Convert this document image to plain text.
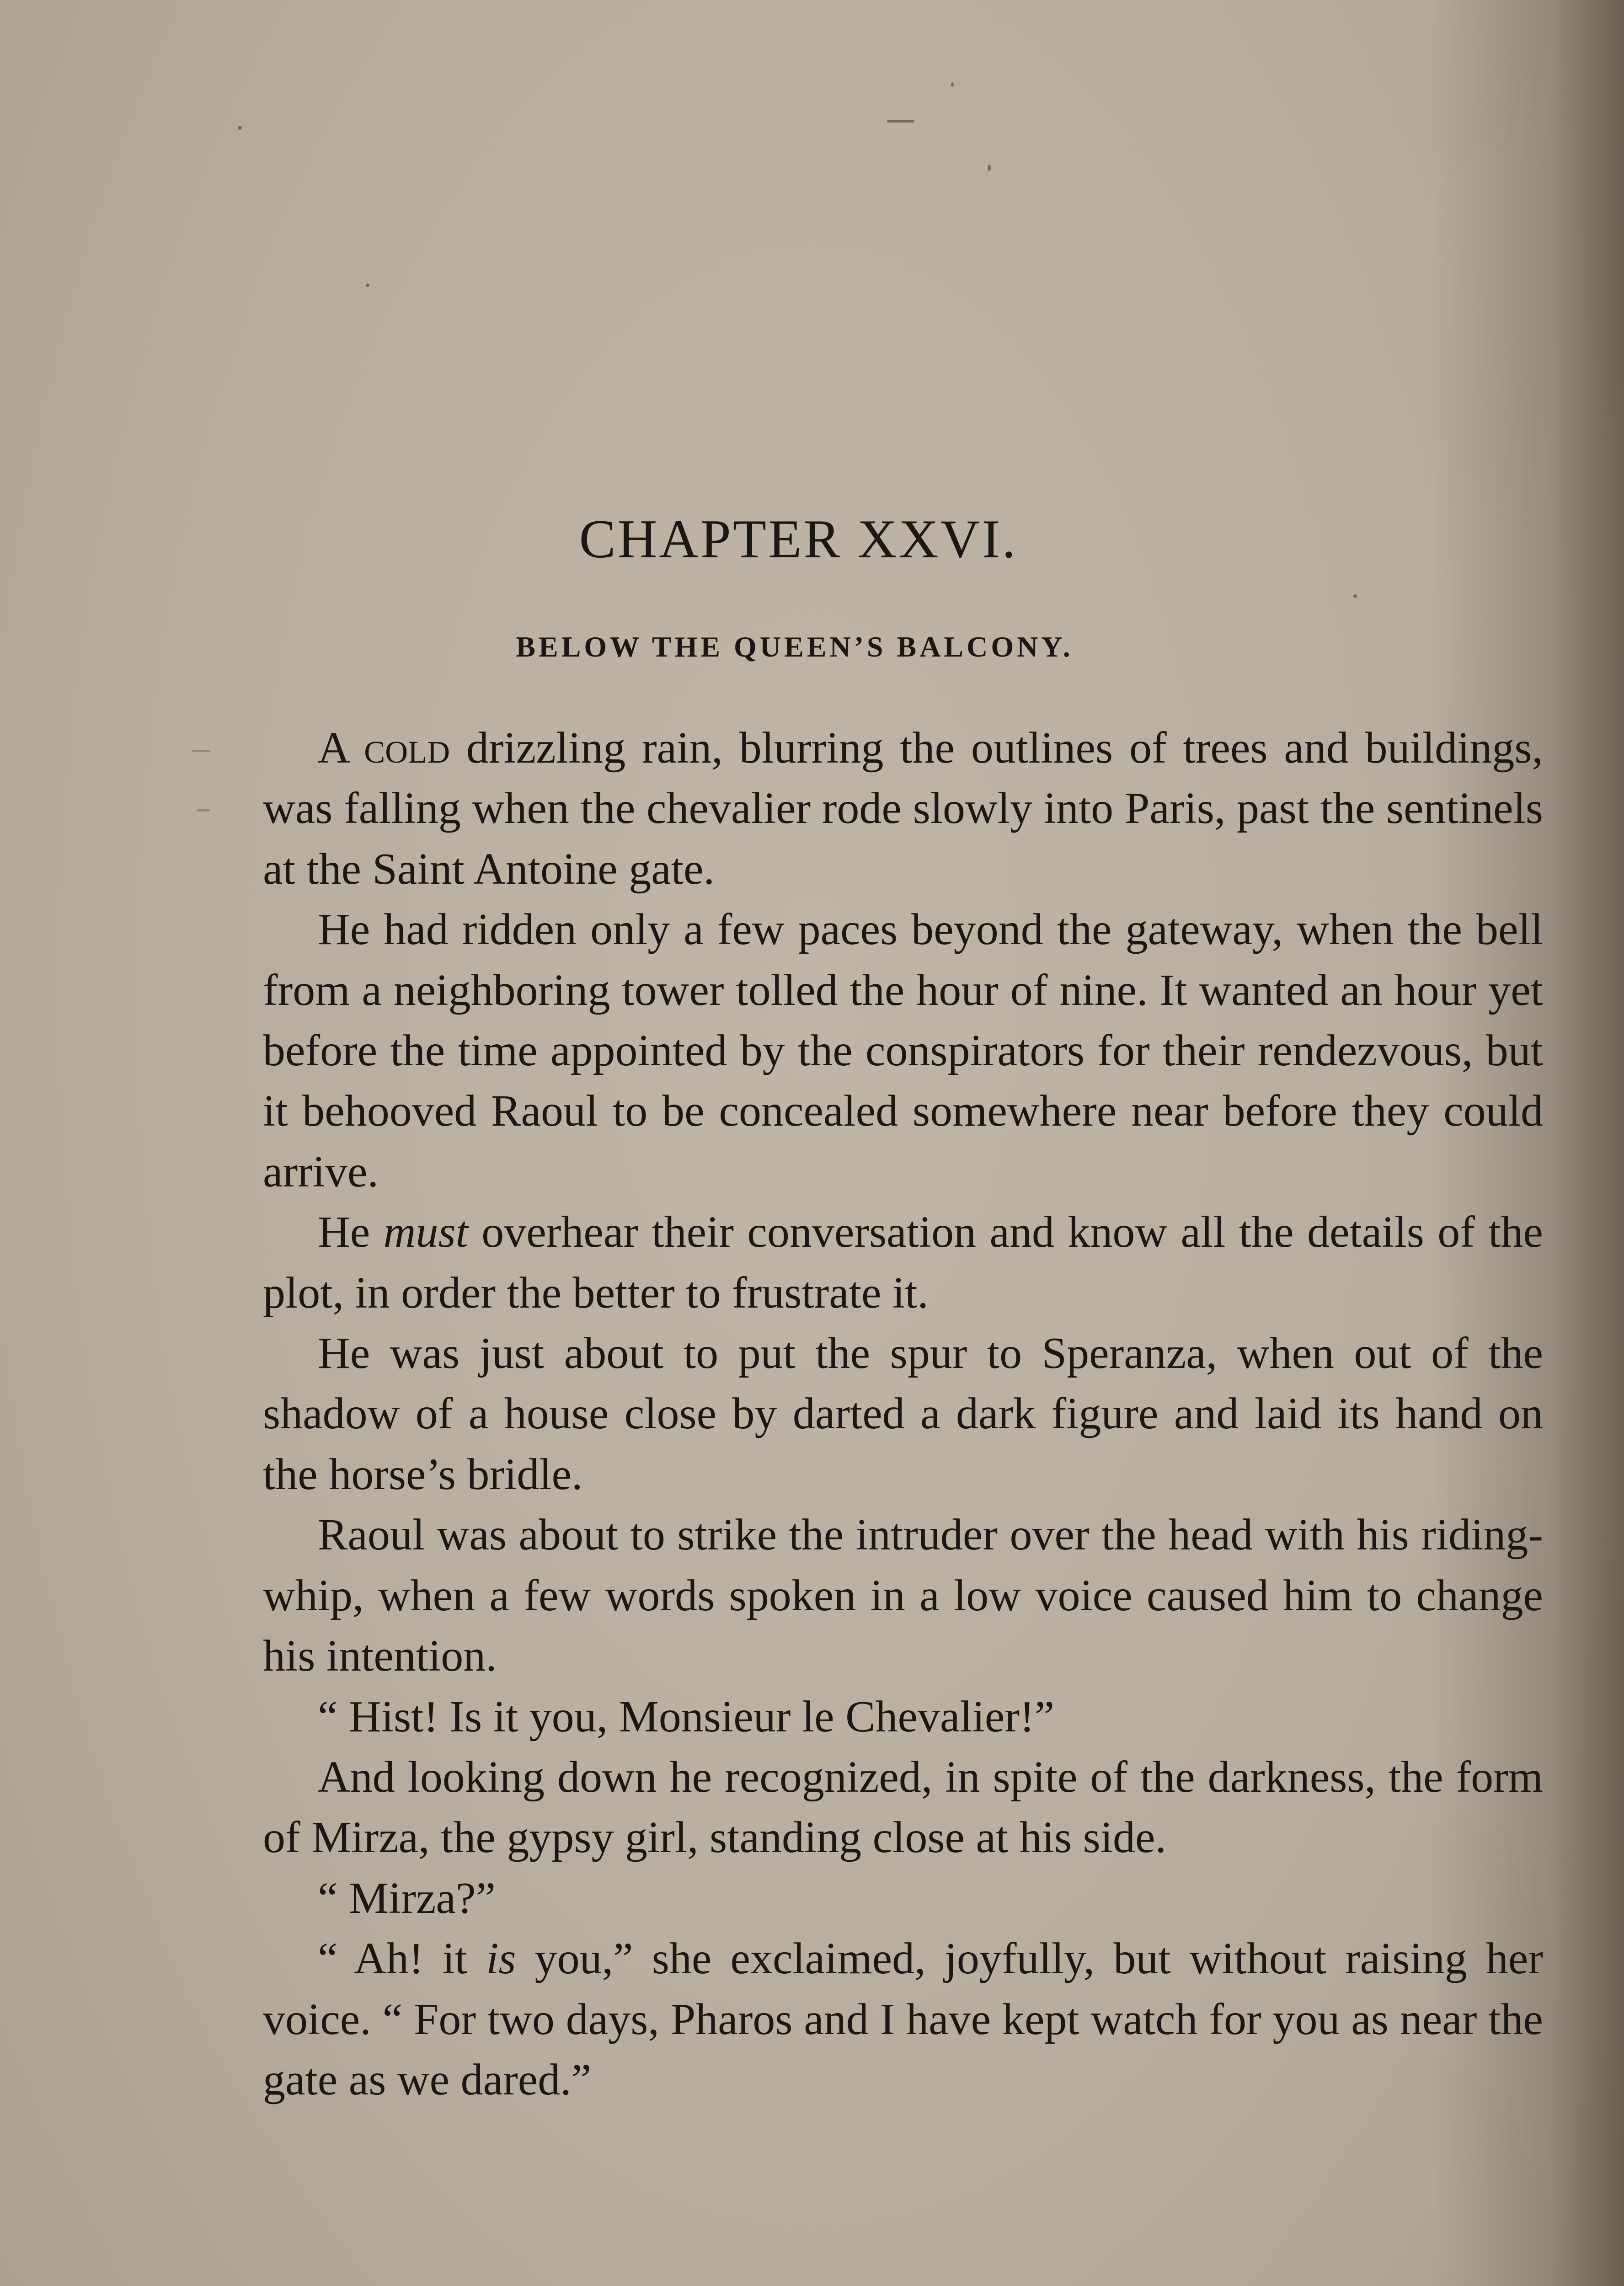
CHAPTER XXVI.
BELOW THE QUEEN’S BALCONY.

A cold drizzling rain, blurring the outlines of trees and buildings, was falling when the chevalier rode slowly into Paris, past the sentinels at the Saint Antoine gate.

He had ridden only a few paces beyond the gateway, when the bell from a neighboring tower tolled the hour of nine. It wanted an hour yet before the time appointed by the conspirators for their rendezvous, but it behooved Raoul to be concealed somewhere near before they could arrive.

He must overhear their conversation and know all the details of the plot, in order the better to frustrate it.

He was just about to put the spur to Speranza, when out of the shadow of a house close by darted a dark figure and laid its hand on the horse’s bridle.

Raoul was about to strike the intruder over the head with his riding-whip, when a few words spoken in a low voice caused him to change his intention.

“ Hist! Is it you, Monsieur le Chevalier!”

And looking down he recognized, in spite of the darkness, the form of Mirza, the gypsy girl, standing close at his side.

“ Mirza?”

“ Ah! it is you,” she exclaimed, joyfully, but without raising her voice. “ For two days, Pharos and I have kept watch for you as near the gate as we dared.”
